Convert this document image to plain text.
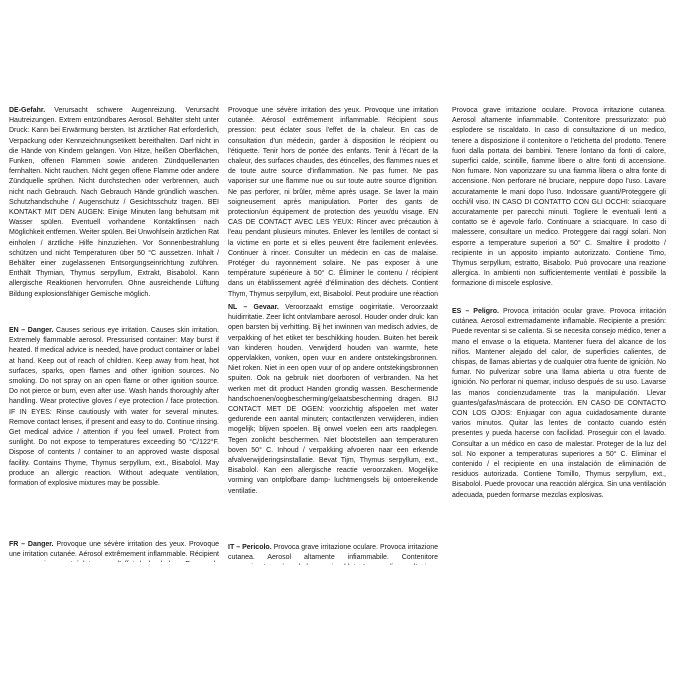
DE-Gefahr. Verursacht schwere Augenreizung. Verursacht Hautreizungen. Extrem entzündbares Aerosol. Behälter steht unter Druck: Kann bei Erwärmung bersten. Ist ärztlicher Rat erforderlich, Verpackung oder Kennzeichnungsetikett bereithalten. Darf nicht in die Hände von Kindern gelangen. Von Hitze, heißen Oberflächen, Funken, offenen Flammen sowie anderen Zündquellenarten fernhalten. Nicht rauchen. Nicht gegen offene Flamme oder andere Zündquelle sprühen. Nicht durchstechen oder verbrennen, auch nicht nach Gebrauch. Nach Gebrauch Hände gründlich waschen. Schutzhandschuhe / Augenschutz / Gesichtsschutz tragen. BEI KONTAKT MIT DEN AUGEN: Einige Minuten lang behutsam mit Wasser spülen. Eventuell vorhandene Kontaktlinsen nach Möglichkeit entfernen. Weiter spülen. Bei Unwohlsein ärztlichen Rat einholen / ärztliche Hilfe hinzuziehen. Vor Sonnenbestrahlung schützen und nicht Temperaturen über 50 °C aussetzen. Inhalt / Behälter einer zugelassenen Entsorgungseinrichtung zuführen. Enthält Thymian, Thymus serpyllum, Extrakt, Bisabolol. Kann allergische Reaktionen hervorrufen. Ohne ausreichende Lüftung Bildung explosionsfähiger Gemische möglich.
EN – Danger. Causes serious eye irritation. Causes skin irritation. Extremely flammable aerosol. Pressurised container: May burst if heated. If medical advice is needed, have product container or label at hand. Keep out of reach of children. Keep away from heat, hot surfaces, sparks, open flames and other ignition sources. No smoking. Do not spray on an open flame or other ignition source. Do not pierce or burn, even after use. Wash hands thoroughly after handling. Wear protective gloves / eye protection / face protection. IF IN EYES: Rinse cautiously with water for several minutes. Remove contact lenses, if present and easy to do. Continue rinsing. Get medical advice / attention if you feel unwell. Protect from sunlight. Do not expose to temperatures exceeding 50 °C/122°F. Dispose of contents / container to an approved waste disposal facility. Contains Thyme, Thymus serpyllum, ext., Bisabolol. May produce an allergic reaction. Without adequate ventilation, formation of explosive mixtures may be possible.
FR – Danger. Provoque une sévère irritation des yeux. Provoque une irritation cutanée. Aérosol extrêmement inflammable. Récipient
Provoque une sévère irritation des yeux. Provoque une irritation cutanée. Aérosol extrêmement inflammable. Récipient sous pression: peut éclater sous l'effet de la chaleur. En cas de consultation d'un médecin, garder à disposition le récipient ou l'étiquette. Tenir hors de portée des enfants. Tenir à l'écart de la chaleur, des surfaces chaudes, des étincelles, des flammes nues et de toute autre source d'inflammation. Ne pas fumer. Ne pas vaporiser sur une flamme nue ou sur toute autre source d'ignition. Ne pas perforer, ni brûler, même après usage. Se laver la main soigneusement après manipulation. Porter des gants de protection/un équipement de protection des yeux/du visage. EN CAS DE CONTACT AVEC LES YEUX: Rincer avec précaution à l'eau pendant plusieurs minutes. Enlever les lentilles de contact si la victime en porte et si elles peuvent être facilement enlevées. Continuer à rincer. Consulter un médecin en cas de malaise. Protéger du rayonnement solaire. Ne pas exposer à une température supérieure à 50° C. Éliminer le contenu / récipient dans un établissement agréé d'élimination des déchets. Contient Thym, Thymus serpyllum, ext, Bisabolol. Peut produire une réaction
NL – Gevaar. Veroorzaakt ernstige oogirritatie. Veroorzaakt huidirritatie. Zeer licht ontvlambare aerosol. Houder onder druk: kan open barsten bij verhitting. Bij het inwinnen van medisch advies, de verpakking of het etiket ter beschikking houden. Buiten het bereik van kinderen houden. Verwijderd houden van warmte, hete oppervlakken, vonken, open vuur en andere ontstekingsbronnen. Niet roken. Niet in een open vuur of op andere ontstekingsbronnen spuiten. Ook na gebruik niet doorboren of verbranden. Na het werken met dit product Handen grondig wassen. Beschermende handschoenen/oogbescherming/gelaatsbescherming dragen. BIJ CONTACT MET DE OGEN: voorzichtig afspoelen met water gedurende een aantal minuten; contactlenzen verwijderen, indien mogelijk; blijven spoelen. Bij onwel voelen een arts raadplegen. Tegen zonlicht beschermen. Niet blootstellen aan temperaturen boven 50° C. Inhoud / verpakking afvoeren naar een erkende afvalverwijderingsinstallatie. Bevat Tijm, Thymus serpyllum, ext., Bisabolol. Kan een allergische reactie veroorzaken. Mogelijke vorming van ontplofbare damp- luchtmengsels bij ontoereikende ventilatie.
IT – Pericolo. Provoca grave irritazione oculare. Provoca irritazione cutanea. Aerosol altamente infiammabile. Contenitore
Provoca grave irritazione oculare. Provoca irritazione cutanea. Aerosol altamente infiammabile. Contenitore pressurizzato: può esplodere se riscaldato. In caso di consultazione di un medico, tenere a disposizione il contenitore o l'etichetta del prodotto. Tenere fuori dalla portata dei bambini. Tenere lontano da fonti di calore, superfici calde, scintille, fiamme libere o altre fonti di accensione. Non fumare. Non vaporizzare su una fiamma libera o altra fonte di accensione. Non perforare né bruciare, neppure dopo l'uso. Lavare accuratamente le mani dopo l'uso. Indossare guanti/Proteggere gli occhi/il viso. IN CASO DI CONTATTO CON GLI OCCHI: sciacquare accuratamente per parecchi minuti. Togliere le eventuali lenti a contatto se è agevole farlo. Continuare a sciacquare. In caso di malessere, consultare un medico. Proteggere dai raggi solari. Non esporre a temperature superiori a 50° C. Smaltire il prodotto / recipiente in un apposito impianto autorizzato. Contiene Timo, Thymus serpyllum, estratto, Bisabolo. Può provocare una reazione allergica. In ambienti non sufficientemente ventilati è possibile la formazione di miscele esplosive.
ES – Peligro. Provoca irritación ocular grave. Provoca irritación cutánea. Aerosol extremadamente inflamable. Recipiente a presión: Puede reventar si se calienta. Si se necesita consejo médico, tener a mano el envase o la etiqueta. Mantener fuera del alcance de los niños. Mantener alejado del calor, de superficies calientes, de chispas, de llamas abiertas y de cualquier otra fuente de ignición. No fumar. No pulverizar sobre una llama abierta u otra fuente de ignición. No perforar ni quemar, incluso después de su uso. Lavarse las manos concienzudamente tras la manipulación. Llevar guantes/gafas/máscara de protección. EN CASO DE CONTACTO CON LOS OJOS: Enjuagar con agua cuidadosamente durante varios minutos. Quitar las lentes de contacto cuando estén presentes y pueda hacerse con facilidad. Proseguir con el lavado. Consultar a un médico en caso de malestar. Proteger de la luz del sol. No exponer a temperaturas superiores a 50° C. Eliminar el contenido / el recipiente en una instalación de eliminación de residuos autorizada. Contiene Tomillo, Thymus serpyllum, ext., Bisabolol. Puede provocar una reacción alérgica. Sin una ventilación adecuada, pueden formarse mezclas explosivas.
